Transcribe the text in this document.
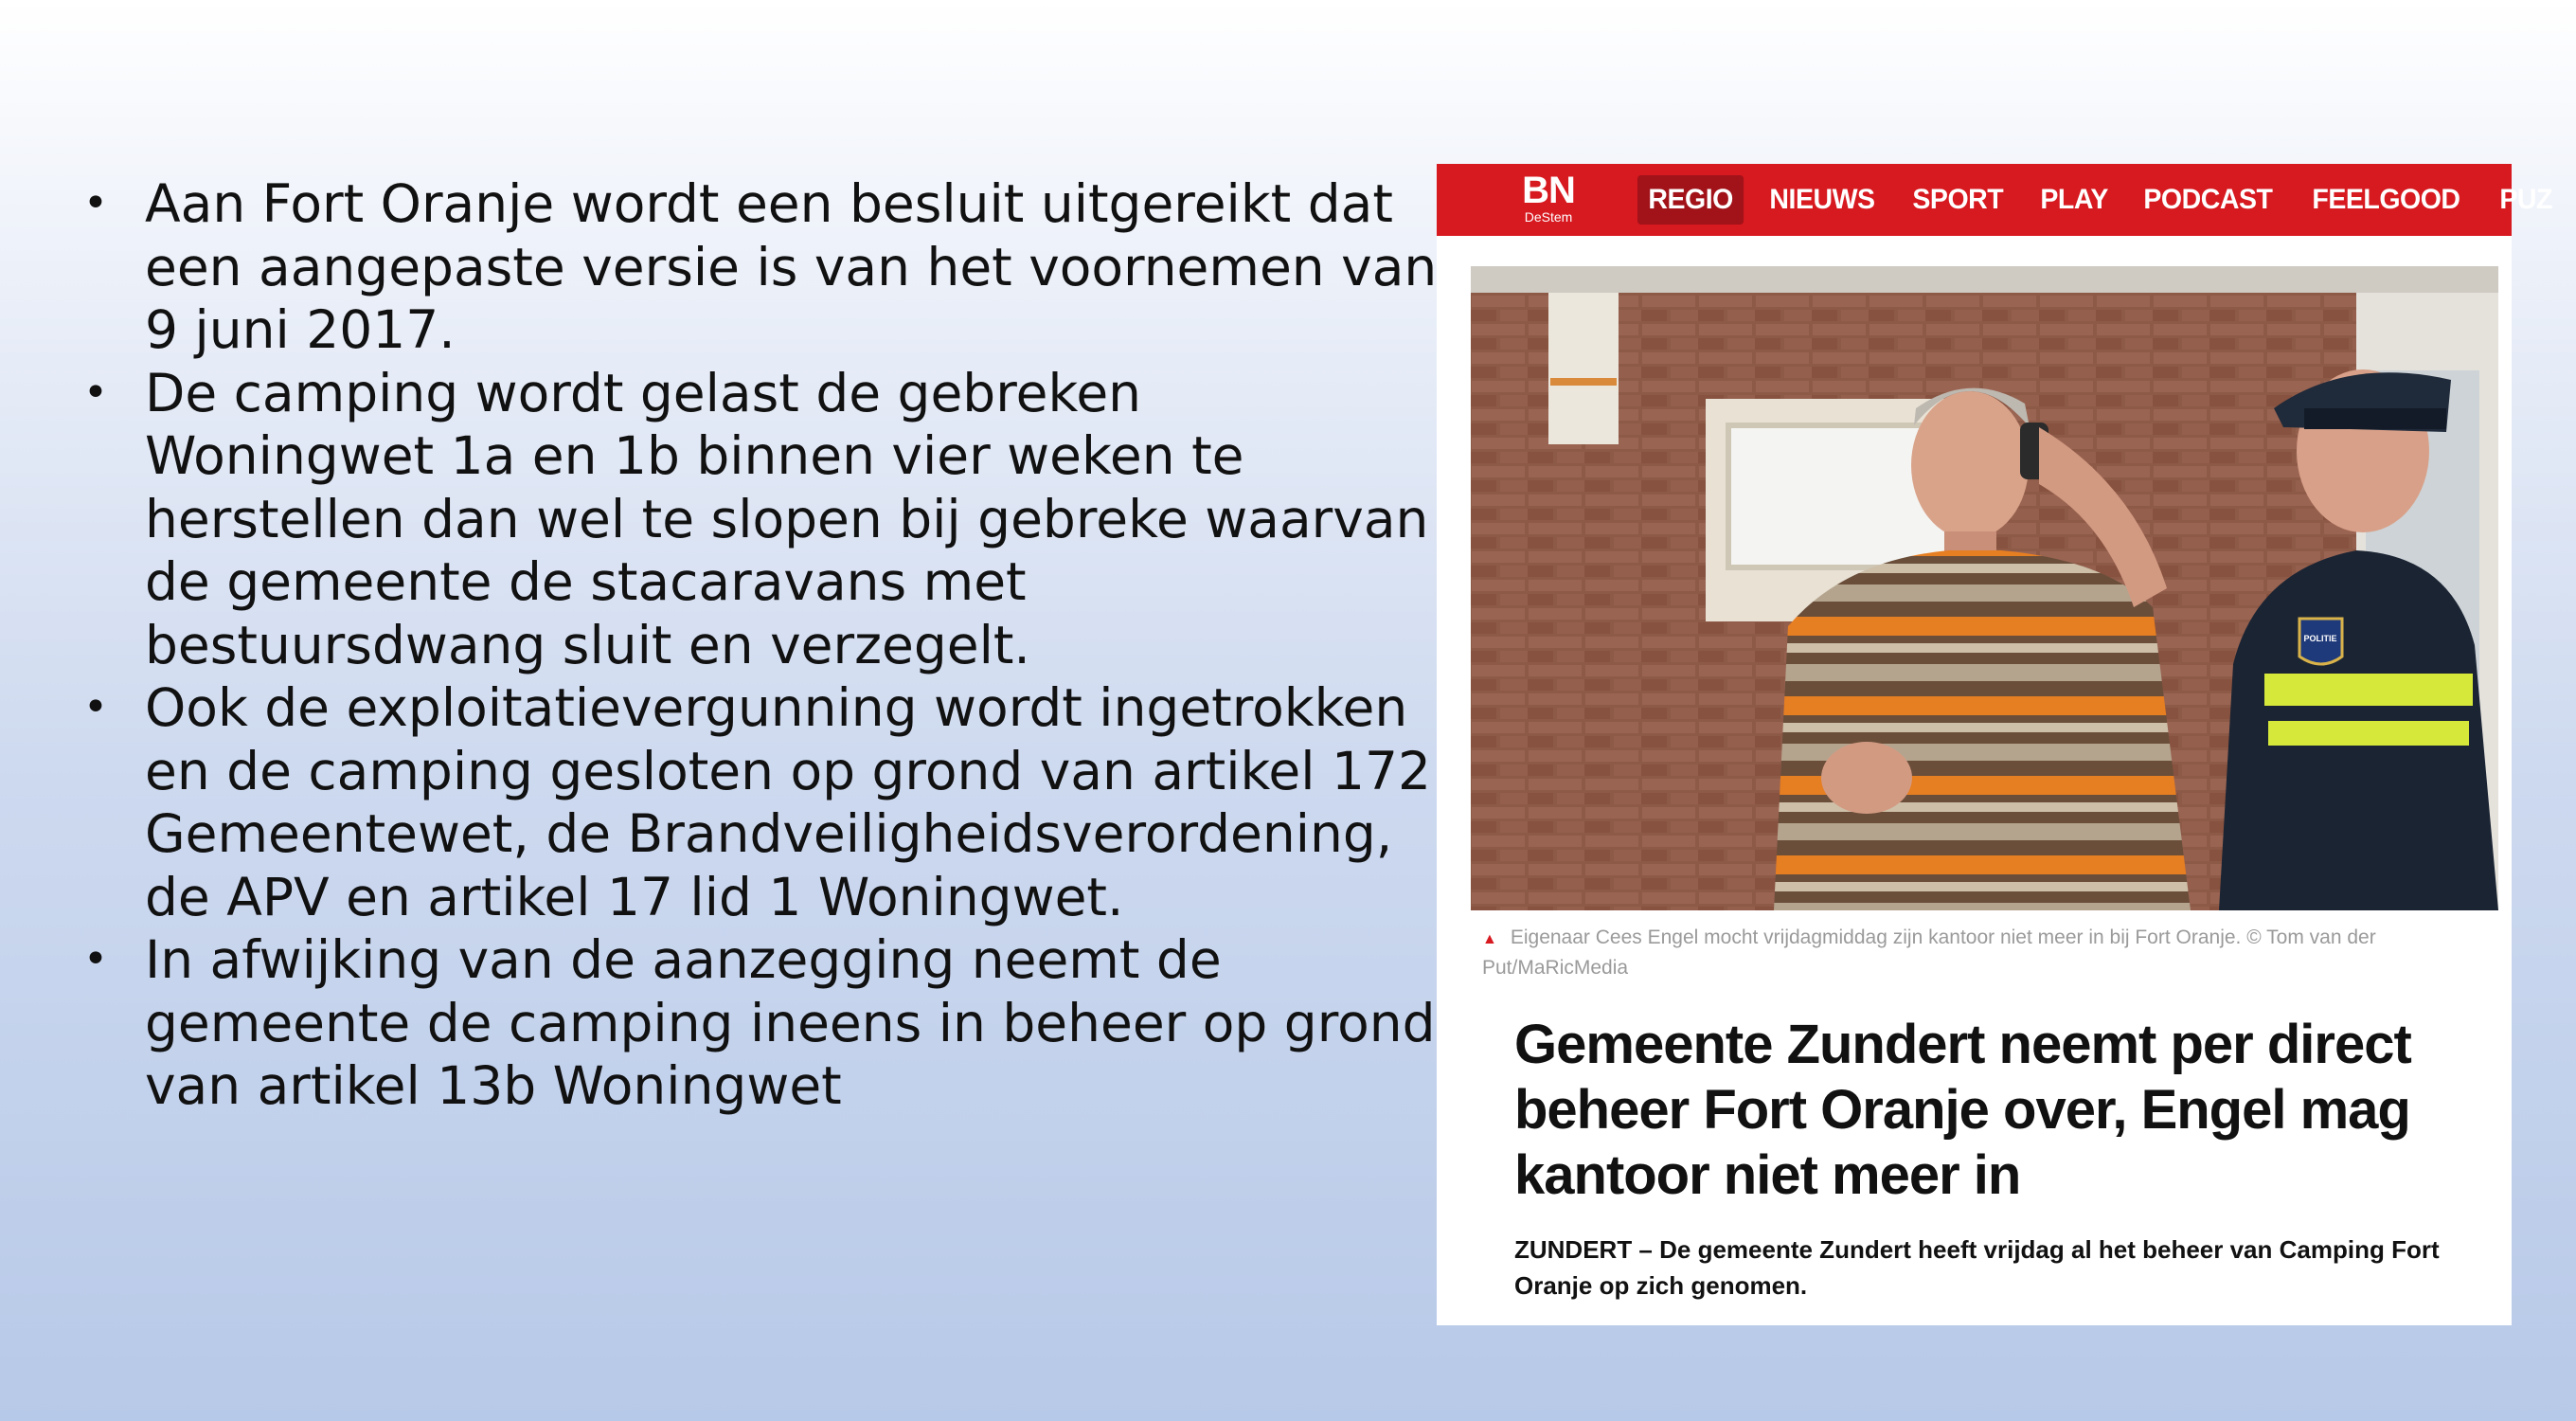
• Aan Fort Oranje wordt een besluit uitgereikt dat een aangepaste versie is van het voornemen van 9 juni 2017.
• De camping wordt gelast de gebreken Woningwet 1a en 1b binnen vier weken te herstellen dan wel te slopen bij gebreke waarvan de gemeente de stacaravans met bestuursdwang sluit en verzegelt.
• Ook de exploitatievergunning wordt ingetrokken en de camping gesloten op grond van artikel 172 Gemeentewet, de Brandveiligheidsverordening, de APV en artikel 17 lid 1 Woningwet.
• In afwijking van de aanzegging neemt de gemeente de camping ineens in beheer op grond van artikel 13b Woningwet
BN
DeStem
REGIO NIEUWS SPORT PLAY PODCAST FEELGOOD PUZ
POLITIE
▲ Eigenaar Cees Engel mocht vrijdagmiddag zijn kantoor niet meer in bij Fort Oranje. © Tom van der Put/MaRicMedia
Gemeente Zundert neemt per direct beheer Fort Oranje over, Engel mag kantoor niet meer in

ZUNDERT – De gemeente Zundert heeft vrijdag al het beheer van Camping Fort Oranje op zich genomen.
